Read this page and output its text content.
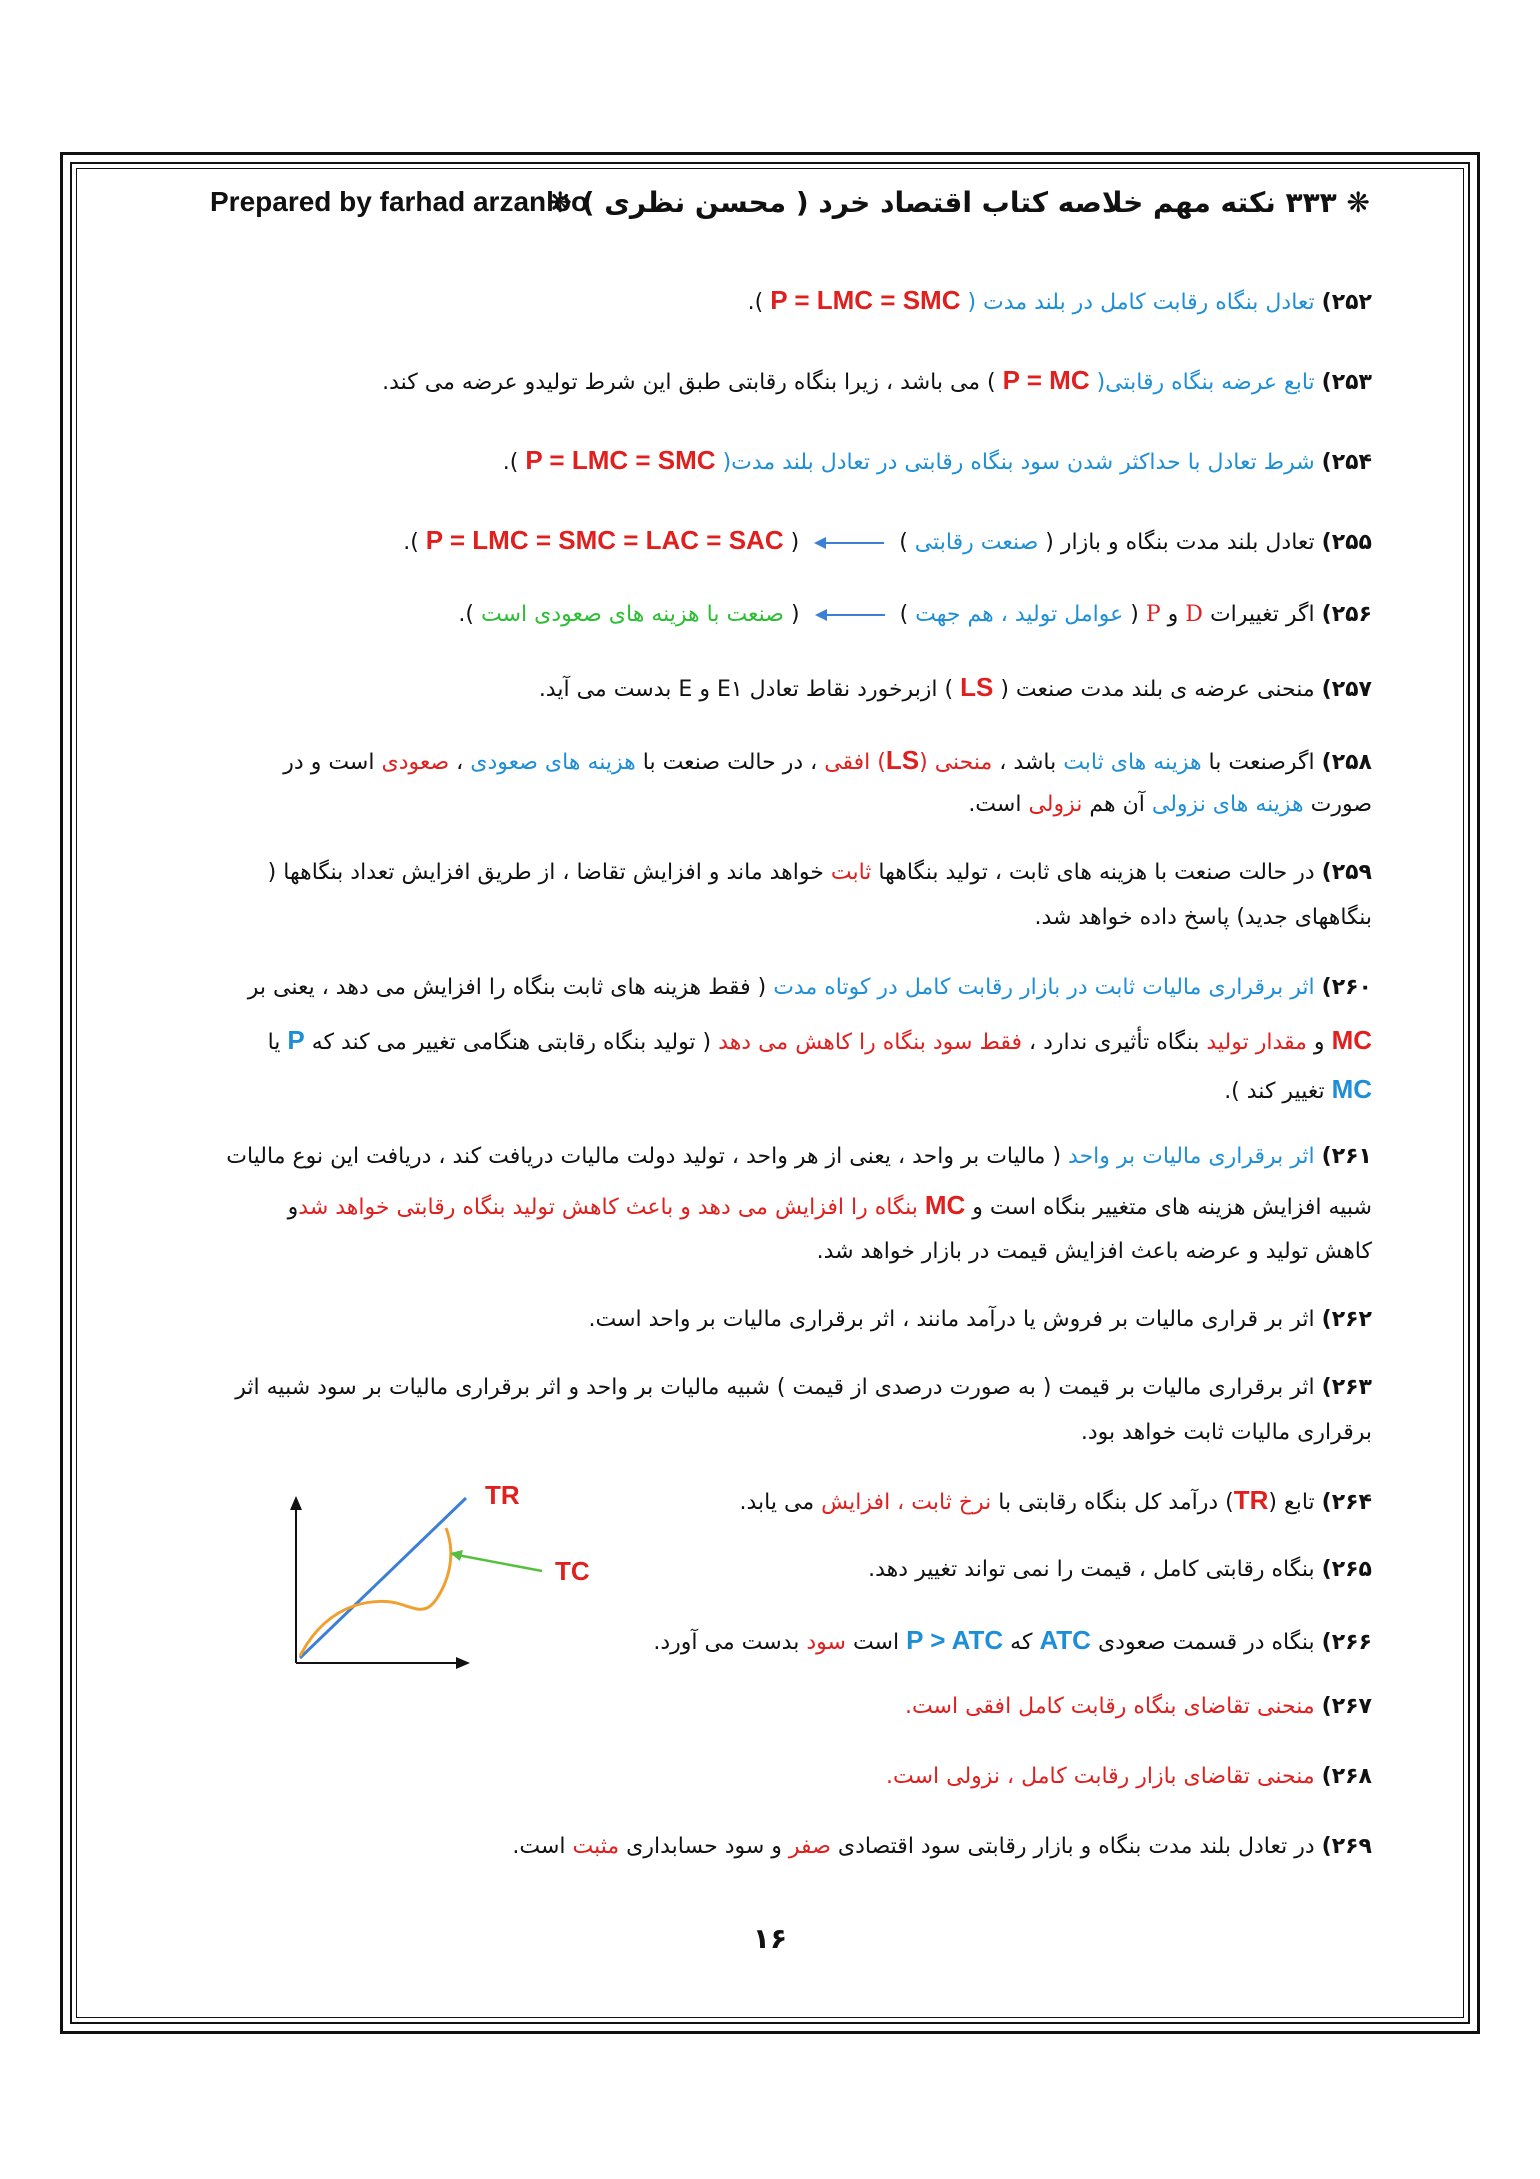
❋ ۳۳۳ نکته مهم خلاصه کتاب اقتصاد خرد ( محسن نظری ) ❋
Prepared by farhad arzanloo
۲۵۲) تعادل بنگاه رقابت کامل در بلند مدت ( P = LMC = SMC ).
۲۵۳) تابع عرضه بنگاه رقابتی( P = MC ) می باشد ، زیرا بنگاه رقابتی طبق این شرط تولیدو عرضه می کند.
۲۵۴) شرط تعادل با حداکثر شدن سود بنگاه رقابتی در تعادل بلند مدت( P = LMC = SMC ).
۲۵۵) تعادل بلند مدت بنگاه و بازار ( صنعت رقابتی )  ( P = LMC = SMC = LAC = SAC ).
۲۵۶) اگر تغییرات D و P ( عوامل تولید ، هم جهت )  ( صنعت با هزینه های صعودی است ).
۲۵۷) منحنی عرضه ی بلند مدت صنعت ( LS ) ازبرخورد نقاط تعادل E۱ و E بدست می آید.
۲۵۸) اگرصنعت با هزینه های ثابت باشد ، منحنی (LS) افقی ، در حالت صنعت با هزینه های صعودی ، صعودی است و در
صورت هزینه های نزولی آن هم نزولی است.
۲۵۹) در حالت صنعت با هزینه های ثابت ، تولید بنگاهها ثابت خواهد ماند و افزایش تقاضا ، از طریق افزایش تعداد بنگاهها (
بنگاههای جدید) پاسخ داده خواهد شد.
۲۶۰) اثر برقراری مالیات ثابت در بازار رقابت کامل در کوتاه مدت ( فقط هزینه های ثابت بنگاه را افزایش می دهد ، یعنی بر
MC و مقدار تولید بنگاه تأثیری ندارد ، فقط سود بنگاه را کاهش می دهد ( تولید بنگاه رقابتی هنگامی تغییر می کند که P یا
MC تغییر کند ).
۲۶۱) اثر برقراری مالیات بر واحد ( مالیات بر واحد ، یعنی از هر واحد ، تولید دولت مالیات دریافت کند ، دریافت این نوع مالیات
شبیه افزایش هزینه های متغییر بنگاه است و MC بنگاه را افزایش می دهد و باعث کاهش تولید بنگاه رقابتی خواهد شدو
کاهش تولید و عرضه باعث افزایش قیمت در بازار خواهد شد.
۲۶۲) اثر بر قراری مالیات بر فروش یا درآمد مانند ، اثر برقراری مالیات بر واحد است.
۲۶۳) اثر برقراری مالیات بر قیمت ( به صورت درصدی از قیمت ) شبیه مالیات بر واحد و اثر برقراری مالیات بر سود شبیه اثر
برقراری مالیات ثابت خواهد بود.
۲۶۴) تابع (TR) درآمد کل بنگاه رقابتی با نرخ ثابت ، افزایش می یابد.
۲۶۵) بنگاه رقابتی کامل ، قیمت را نمی تواند تغییر دهد.
۲۶۶) بنگاه در قسمت صعودی ATC که P > ATC است سود بدست می آورد.
۲۶۷) منحنی تقاضای بنگاه رقابت کامل افقی است.
۲۶۸) منحنی تقاضای بازار رقابت کامل ، نزولی است.
۲۶۹) در تعادل بلند مدت بنگاه و بازار رقابتی سود اقتصادی صفر و سود حسابداری مثبت است.
TR
TC
۱۶
